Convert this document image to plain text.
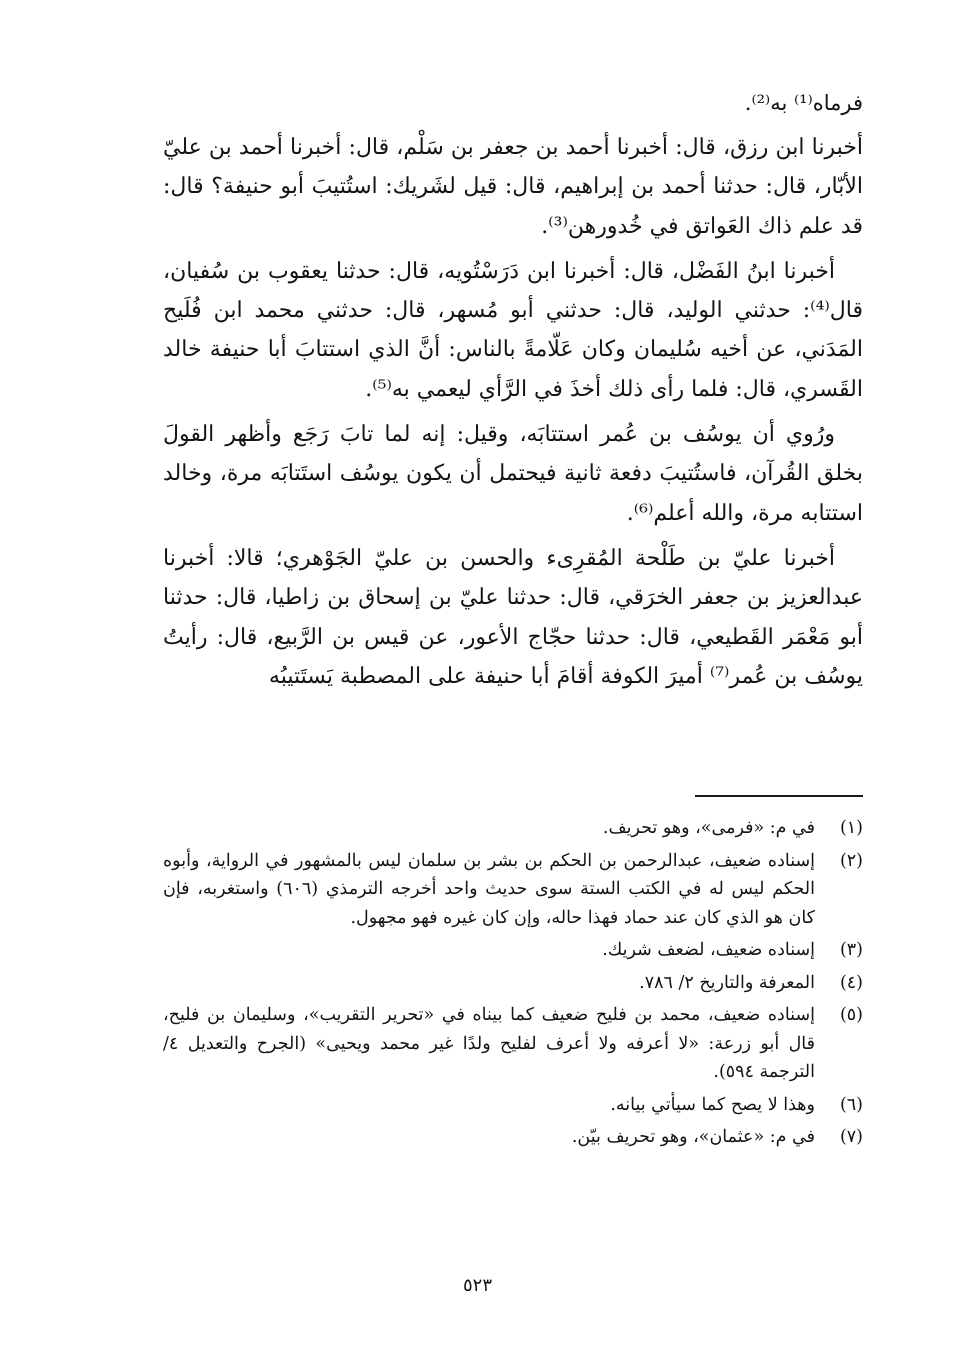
فرماه⁽¹⁾ به⁽²⁾.

أخبرنا ابن رزق، قال: أخبرنا أحمد بن جعفر بن سَلْم، قال: أخبرنا أحمد بن عليّ الأبّار، قال: حدثنا أحمد بن إبراهيم، قال: قيل لشَريك: استُتيبَ أبو حنيفة؟ قال: قد علم ذاك العَواتق في خُدورهن⁽³⁾.

أخبرنا ابنُ الفَضْل، قال: أخبرنا ابن دَرَسْتُويه، قال: حدثنا يعقوب بن سُفيان، قال⁽⁴⁾: حدثني الوليد، قال: حدثني أبو مُسهر، قال: حدثني محمد ابن فُلَيح المَدَني، عن أخيه سُليمان وكان عَلّامةً بالناس: أنَّ الذي استتابَ أبا حنيفة خالد القَسري، قال: فلما رأى ذلك أخذَ في الرَّأي ليعمي به⁽⁵⁾.

ورُوي أن يوسُف بن عُمر استتابَه، وقيل: إنه لما تابَ رَجَع وأظهر القولَ بخلق القُرآن، فاستُتيبَ دفعة ثانية فيحتمل أن يكون يوسُف استَتابَه مرة، وخالد استتابه مرة، والله أعلم⁽⁶⁾.

أخبرنا عليّ بن طَلْحة المُقرِىء والحسن بن عليّ الجَوْهري؛ قالا: أخبرنا عبدالعزيز بن جعفر الخرَقي، قال: حدثنا عليّ بن إسحاق بن زاطيا، قال: حدثنا أبو مَعْمَر القَطيعي، قال: حدثنا حجّاج الأعور، عن قيس بن الرَّبيع، قال: رأيتُ يوسُف بن عُمر⁽⁷⁾ أميرَ الكوفة أقامَ أبا حنيفة على المصطبة يَستَتيبُه

(١)
في م: «فرمى»، وهو تحريف.
(٢)
إسناده ضعيف، عبدالرحمن بن الحكم بن بشر بن سلمان ليس بالمشهور في الرواية، وأبوه الحكم ليس له في الكتب الستة سوى حديث واحد أخرجه الترمذي (٦٠٦) واستغربه، فإن كان هو الذي كان عند حماد فهذا حاله، وإن كان غيره فهو مجهول.
(٣)
إسناده ضعيف، لضعف شريك.
(٤)
المعرفة والتاريخ ٢/ ٧٨٦.
(٥)
إسناده ضعيف، محمد بن فليح ضعيف كما بيناه في «تحرير التقريب»، وسليمان بن فليح، قال أبو زرعة: «لا أعرفه ولا أعرف لفليح ولدًا غير محمد ويحيى» (الجرح والتعديل ٤/ الترجمة ٥٩٤).
(٦)
وهذا لا يصح كما سيأتي بيانه.
(٧)
في م: «عثمان»، وهو تحريف بيّن.
٥٢٣
